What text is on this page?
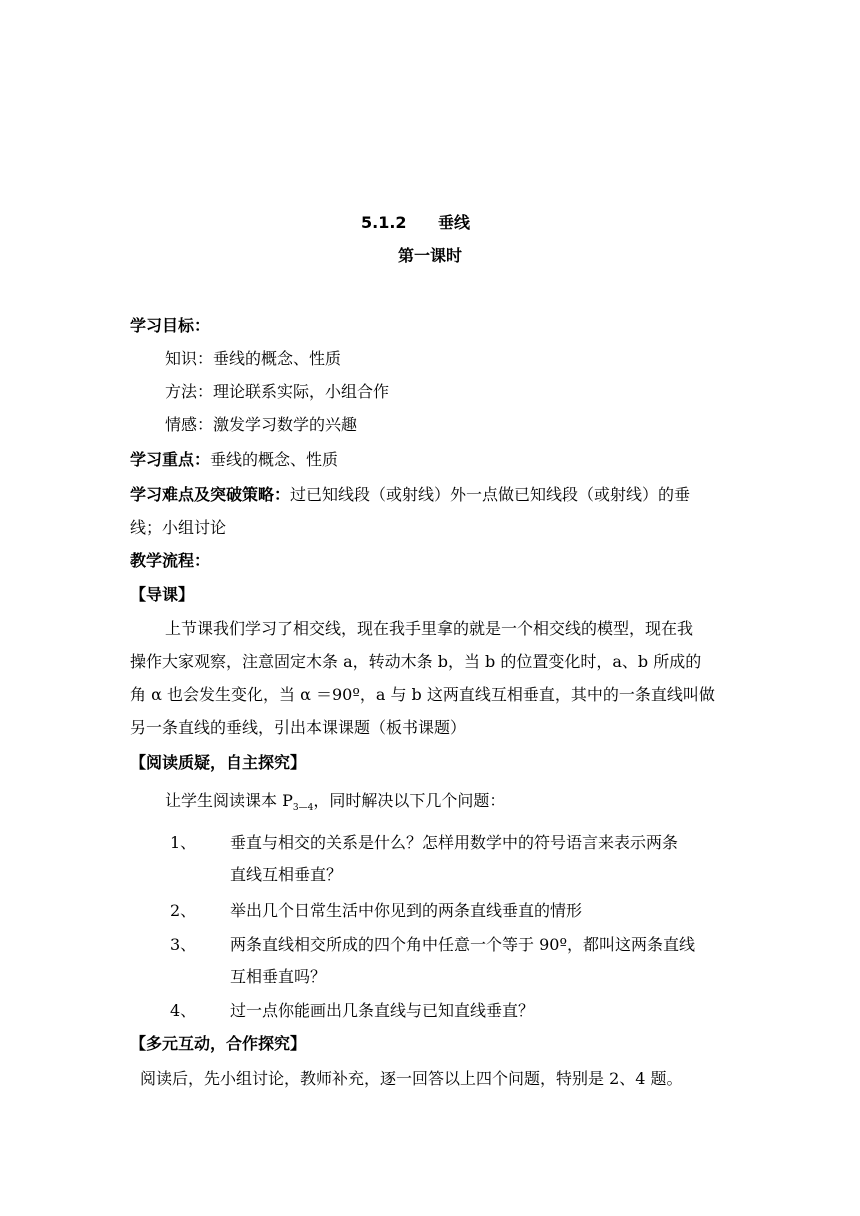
5.1.2 垂线
第一课时
学习目标：
知识：垂线的概念、性质
方法：理论联系实际，小组合作
情感：激发学习数学的兴趣
学习重点：垂线的概念、性质
学习难点及突破策略：过已知线段（或射线）外一点做已知线段（或射线）的垂
线；小组讨论
教学流程：
【导课】
上节课我们学习了相交线，现在我手里拿的就是一个相交线的模型，现在我
操作大家观察，注意固定木条 a，转动木条 b，当 b 的位置变化时，a、b 所成的
角 α 也会发生变化，当 α ＝90º，a 与 b 这两直线互相垂直，其中的一条直线叫做
另一条直线的垂线，引出本课课题（板书课题）
【阅读质疑，自主探究】
让学生阅读课本 $P_{3—4}$，同时解决以下几个问题：
1、 垂直与相交的关系是什么？怎样用数学中的符号语言来表示两条
直线互相垂直？
2、 举出几个日常生活中你见到的两条直线垂直的情形
3、 两条直线相交所成的四个角中任意一个等于 90º，都叫这两条直线
互相垂直吗？
4、 过一点你能画出几条直线与已知直线垂直？
【多元互动，合作探究】
阅读后，先小组讨论，教师补充，逐一回答以上四个问题，特别是 2、4 题。
